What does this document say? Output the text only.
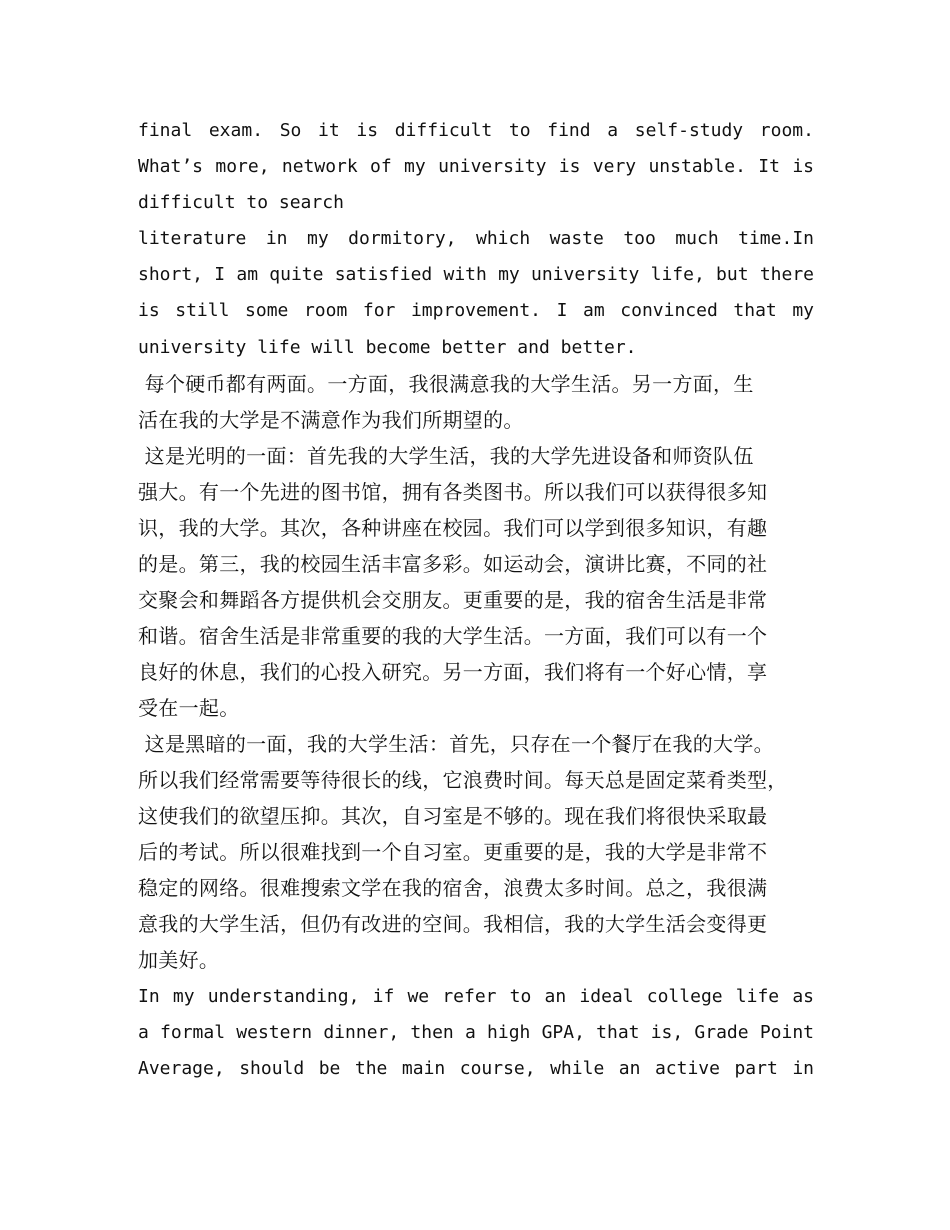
final exam. So it is difficult to find a self-study room.
What’s more, network of my university is very unstable. It is
difficult to search
literature in my dormitory, which waste too much time.In
short, I am quite satisfied with my university life, but there
is still some room for improvement. I am convinced that my
university life will become better and better.
每个硬币都有两面。一方面，我很满意我的大学生活。另一方面，生
活在我的大学是不满意作为我们所期望的。
这是光明的一面：首先我的大学生活，我的大学先进设备和师资队伍
强大。有一个先进的图书馆，拥有各类图书。所以我们可以获得很多知
识，我的大学。其次，各种讲座在校园。我们可以学到很多知识，有趣
的是。第三，我的校园生活丰富多彩。如运动会，演讲比赛，不同的社
交聚会和舞蹈各方提供机会交朋友。更重要的是，我的宿舍生活是非常
和谐。宿舍生活是非常重要的我的大学生活。一方面，我们可以有一个
良好的休息，我们的心投入研究。另一方面，我们将有一个好心情，享
受在一起。
这是黑暗的一面，我的大学生活：首先，只存在一个餐厅在我的大学。
所以我们经常需要等待很长的线，它浪费时间。每天总是固定菜肴类型，
这使我们的欲望压抑。其次，自习室是不够的。现在我们将很快采取最
后的考试。所以很难找到一个自习室。更重要的是，我的大学是非常不
稳定的网络。很难搜索文学在我的宿舍，浪费太多时间。总之，我很满
意我的大学生活，但仍有改进的空间。我相信，我的大学生活会变得更
加美好。
In my understanding, if we refer to an ideal college life as
a formal western dinner, then a high GPA, that is, Grade Point
Average, should be the main course, while an active part in
